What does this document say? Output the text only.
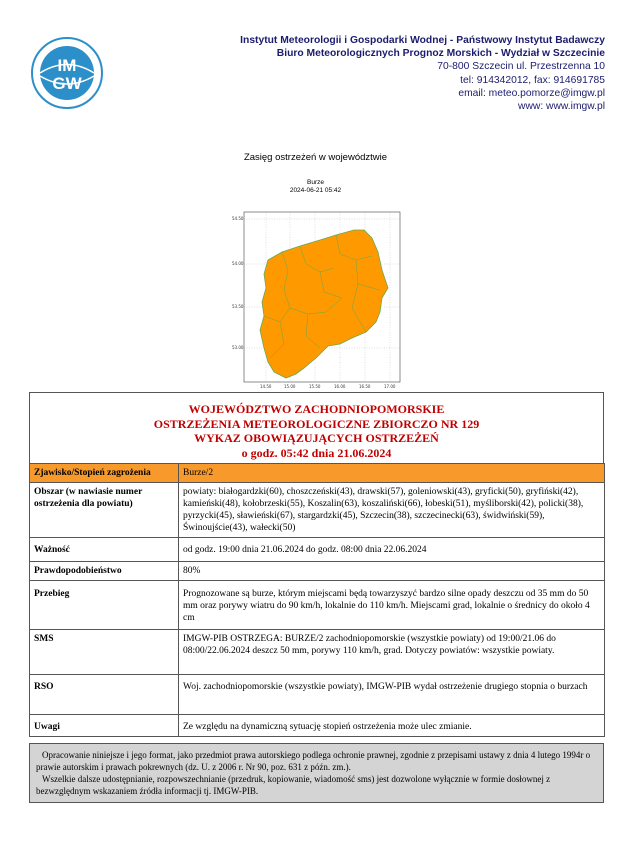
IM
GW
Instytut Meteorologii i Gospodarki Wodnej - Państwowy Instytut Badawczy
Biuro Meteorologicznych Prognoz Morskich - Wydział w Szczecinie
70-800 Szczecin ul. Przestrzenna 10
tel: 914342012, fax: 914691785
email: meteo.pomorze@imgw.pl
www: www.imgw.pl
Zasięg ostrzeżeń w województwie
Burze
2024-06-21 05:42
54.50
54.00
53.50
53.00
14.50	15.00	15.50	16.00	16.50	17.00
WOJEWÓDZTWO ZACHODNIOPOMORSKIE
OSTRZEŻENIA METEOROLOGICZNE ZBIORCZO NR 129
WYKAZ OBOWIĄZUJĄCYCH OSTRZEŻEŃ
o godz. 05:42 dnia 21.06.2024
Zjawisko/Stopień zagrożenia	Burze/2
Obszar (w nawiasie numer ostrzeżenia dla powiatu)	powiaty: białogardzki(60), choszczeński(43), drawski(57), goleniowski(43), gryficki(50), gryfiński(42), kamieński(48), kołobrzeski(55), Koszalin(63), koszaliński(66), łobeski(51), myśliborski(42), policki(38), pyrzycki(45), sławieński(67), stargardzki(45), Szczecin(38), szczecinecki(63), świdwiński(59), Świnoujście(43), wałecki(50)
Ważność	od godz. 19:00 dnia 21.06.2024 do godz. 08:00 dnia 22.06.2024
Prawdopodobieństwo	80%
Przebieg	Prognozowane są burze, którym miejscami będą towarzyszyć bardzo silne opady deszczu od 35 mm do 50 mm oraz porywy wiatru do 90 km/h, lokalnie do 110 km/h. Miejscami grad, lokalnie o średnicy do około 4 cm
SMS	IMGW-PIB OSTRZEGA: BURZE/2 zachodniopomorskie (wszystkie powiaty) od 19:00/21.06 do 08:00/22.06.2024 deszcz 50 mm, porywy 110 km/h, grad. Dotyczy powiatów: wszystkie powiaty.
RSO	Woj. zachodniopomorskie (wszystkie powiaty), IMGW-PIB wydał ostrzeżenie drugiego stopnia o burzach
Uwagi	Ze względu na dynamiczną sytuację stopień ostrzeżenia może ulec zmianie.

Opracowanie niniejsze i jego format, jako przedmiot prawa autorskiego podlega ochronie prawnej, zgodnie z przepisami ustawy z dnia 4 lutego 1994r o prawie autorskim i prawach pokrewnych (dz. U. z 2006 r. Nr 90, poz. 631 z późn. zm.).

Wszelkie dalsze udostępnianie, rozpowszechnianie (przedruk, kopiowanie, wiadomość sms) jest dozwolone wyłącznie w formie dosłownej z bezwzględnym wskazaniem źródła informacji tj. IMGW-PIB.
